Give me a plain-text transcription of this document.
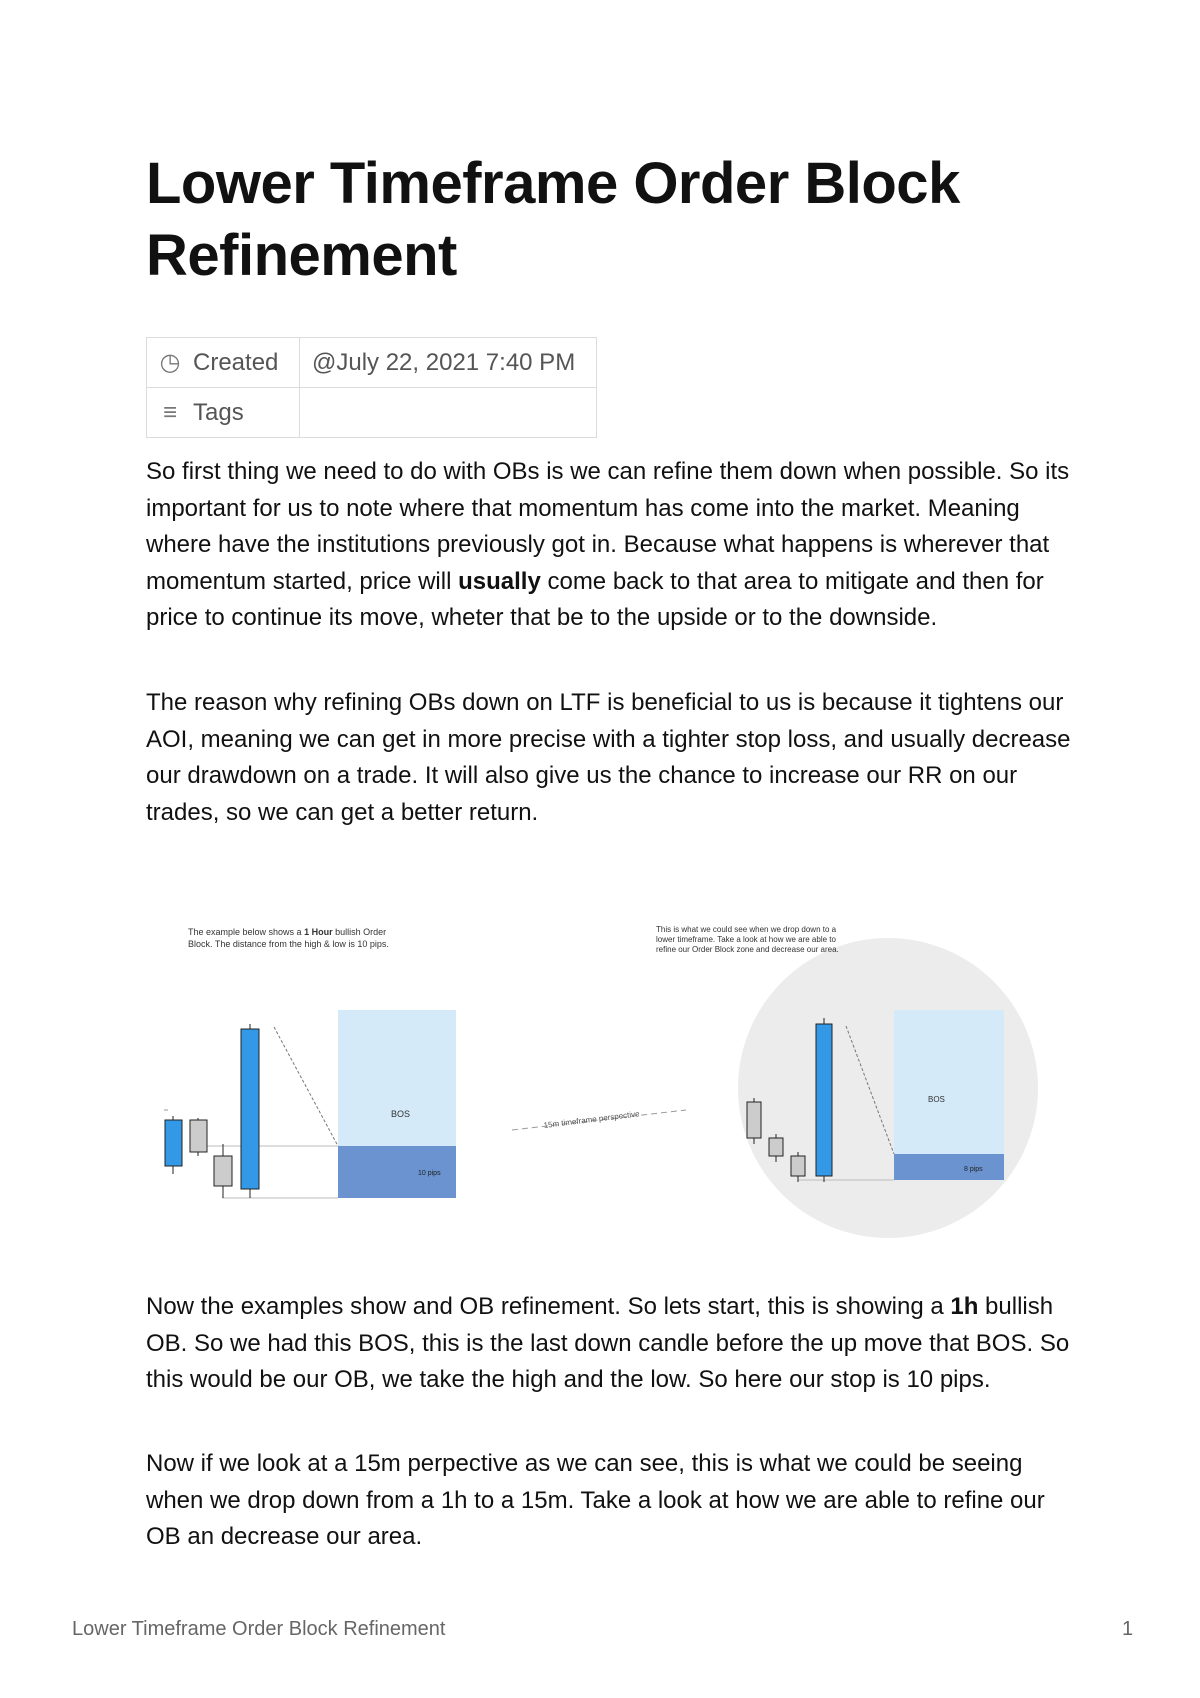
Lower Timeframe Order Block Refinement
◷ Created	@July 22, 2021 7:40 PM
≡ Tags	

So first thing we need to do with OBs is we can refine them down when possible. So its important for us to note where that momentum has come into the market. Meaning where have the institutions previously got in. Because what happens is wherever that momentum started, price will usually come back to that area to mitigate and then for price to continue its move, wheter that be to the upside or to the downside.

The reason why refining OBs down on LTF is beneficial to us is because it tightens our AOI, meaning we can get in more precise with a tighter stop loss, and usually decrease our drawdown on a trade. It will also give us the chance to increase our RR on our trades, so we can get a better return.

The example below shows a 1 Hour bullish Order
Block. The distance from the high & low is 10 pips.
BOS
10 pips
15m timeframe perspective
This is what we could see when we drop down to a
lower timeframe. Take a look at how we are able to
refine our Order Block zone and decrease our area.
BOS
8 pips

Now the examples show and OB refinement. So lets start, this is showing a 1h bullish OB. So we had this BOS, this is the last down candle before the up move that BOS. So this would be our OB, we take the high and the low. So here our stop is 10 pips.

Now if we look at a 15m perpective as we can see, this is what we could be seeing when we drop down from a 1h to a 15m. Take a look at how we are able to refine our OB an decrease our area.

Lower Timeframe Order Block Refinement	1
